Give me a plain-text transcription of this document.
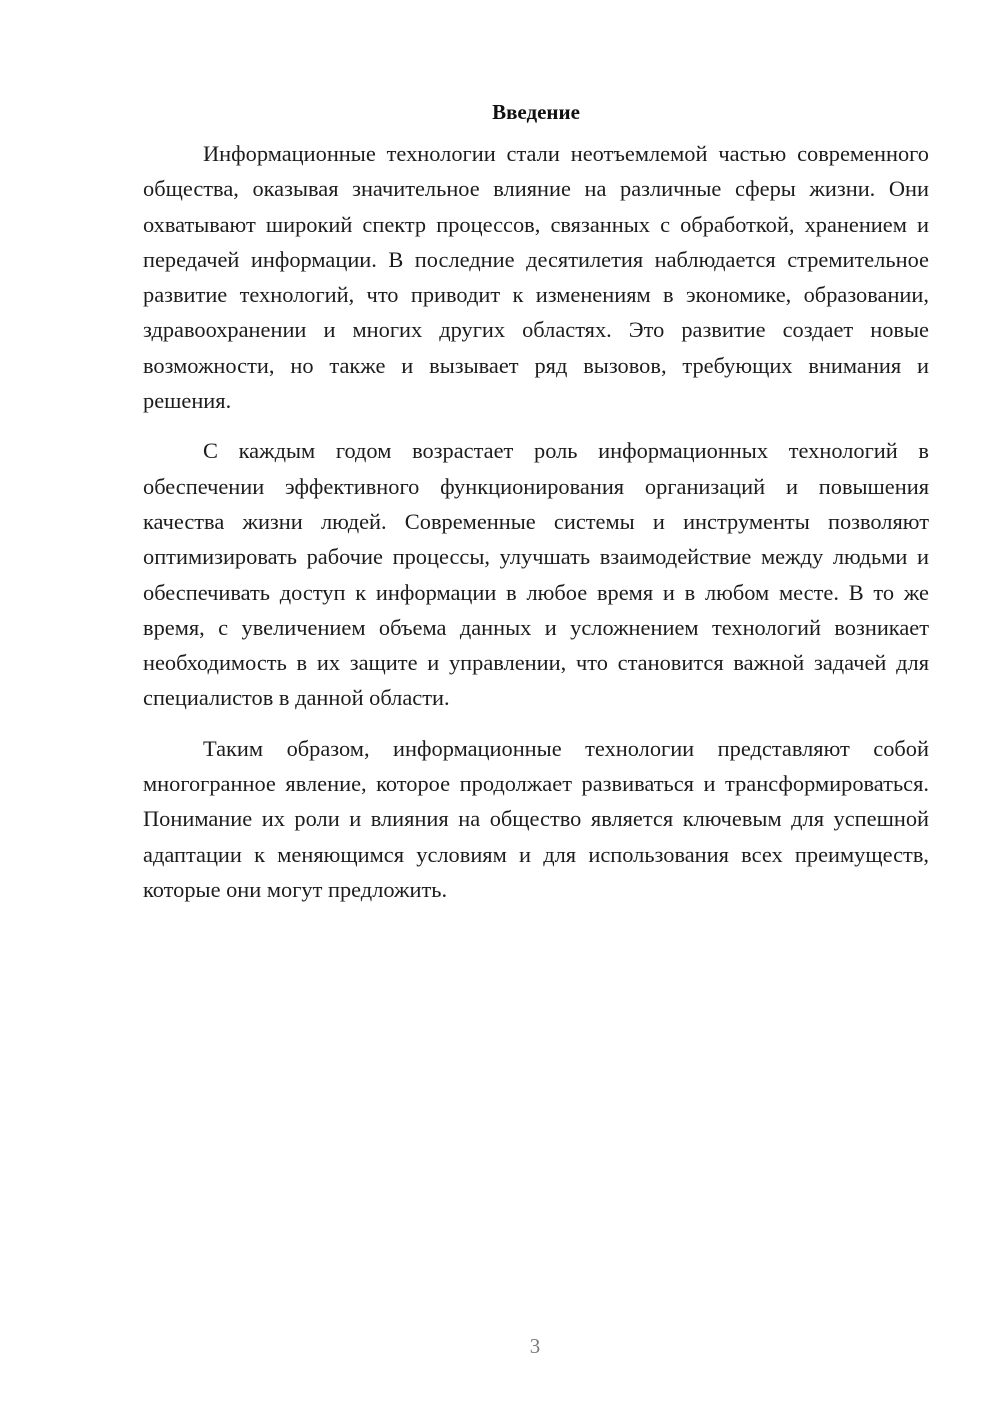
Введение

Информационные технологии стали неотъемлемой частью современного общества, оказывая значительное влияние на различные сферы жизни. Они охватывают широкий спектр процессов, связанных с обработкой, хранением и передачей информации. В последние десятилетия наблюдается стремительное развитие технологий, что приводит к изменениям в экономике, образовании, здравоохранении и многих других областях. Это развитие создает новые возможности, но также и вызывает ряд вызовов, требующих внимания и решения.

С каждым годом возрастает роль информационных технологий в обеспечении эффективного функционирования организаций и повышения качества жизни людей. Современные системы и инструменты позволяют оптимизировать рабочие процессы, улучшать взаимодействие между людьми и обеспечивать доступ к информации в любое время и в любом месте. В то же время, с увеличением объема данных и усложнением технологий возникает необходимость в их защите и управлении, что становится важной задачей для специалистов в данной области.

Таким образом, информационные технологии представляют собой многогранное явление, которое продолжает развиваться и трансформироваться. Понимание их роли и влияния на общество является ключевым для успешной адаптации к меняющимся условиям и для использования всех преимуществ, которые они могут предложить.

3
